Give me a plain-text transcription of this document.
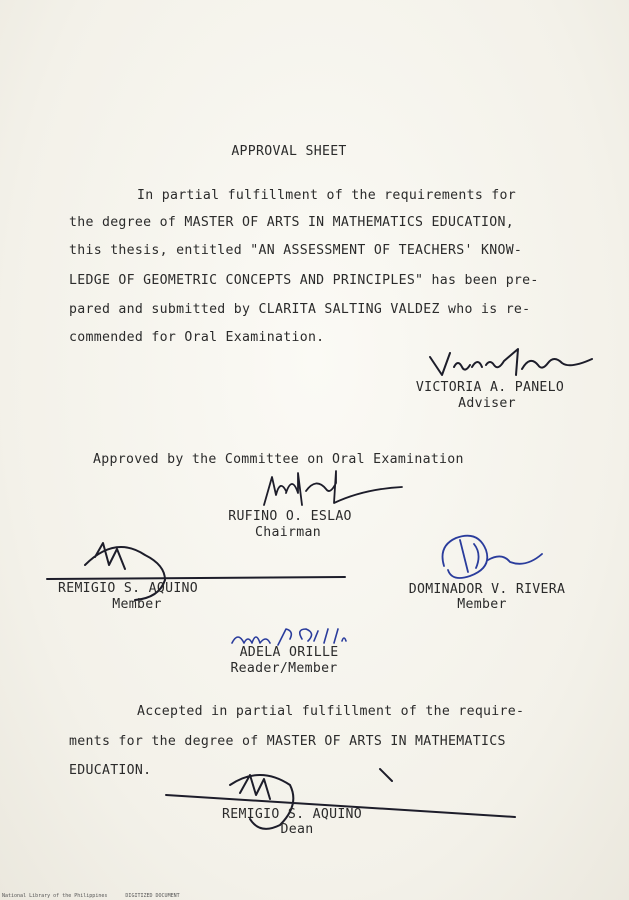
APPROVAL SHEET
In partial fulfillment of the requirements for
the degree of MASTER OF ARTS IN MATHEMATICS EDUCATION,
this thesis, entitled "AN ASSESSMENT OF TEACHERS' KNOW-
LEDGE OF GEOMETRIC CONCEPTS AND PRINCIPLES" has been pre-
pared and submitted by CLARITA SALTING VALDEZ who is re-
commended for Oral Examination.
VICTORIA A. PANELO
Adviser
Approved by the Committee on Oral Examination
RUFINO O. ESLAO
Chairman
REMIGIO S. AQUINO
Member
DOMINADOR V. RIVERA
Member
ADELA ORILLE
Reader/Member
Accepted in partial fulfillment of the require-
ments for the degree of MASTER OF ARTS IN MATHEMATICS
EDUCATION.
REMIGIO S. AQUINO
Dean
National Library of the Philippines      DIGITIZED DOCUMENT
